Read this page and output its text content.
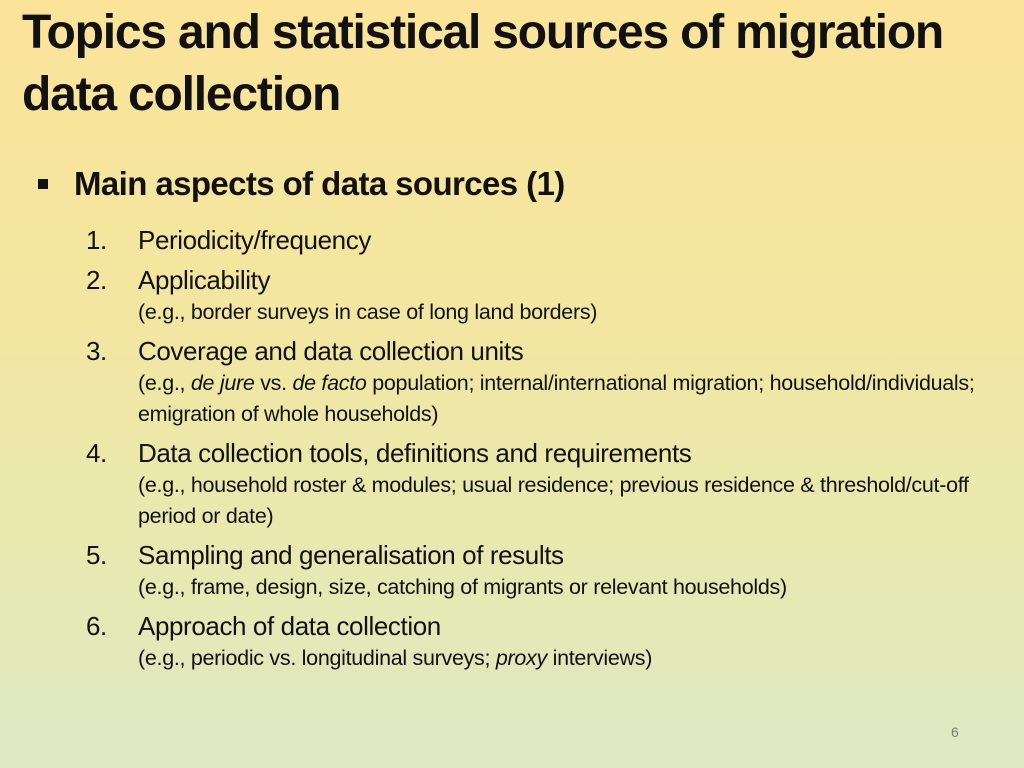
Topics and statistical sources of migration data collection
Main aspects of data sources (1)
1.	Periodicity/frequency
2.	Applicability
(e.g., border surveys in case of long land borders)
3.	Coverage and data collection units
(e.g., de jure vs. de facto population; internal/international migration; household/individuals; emigration of whole households)
4.	Data collection tools, definitions and requirements
(e.g., household roster & modules; usual residence; previous residence & threshold/cut-off period or date)
5.	Sampling and generalisation of results
(e.g., frame, design, size, catching of migrants or relevant households)
6.	Approach of data collection
(e.g., periodic vs. longitudinal surveys; proxy interviews)
6
